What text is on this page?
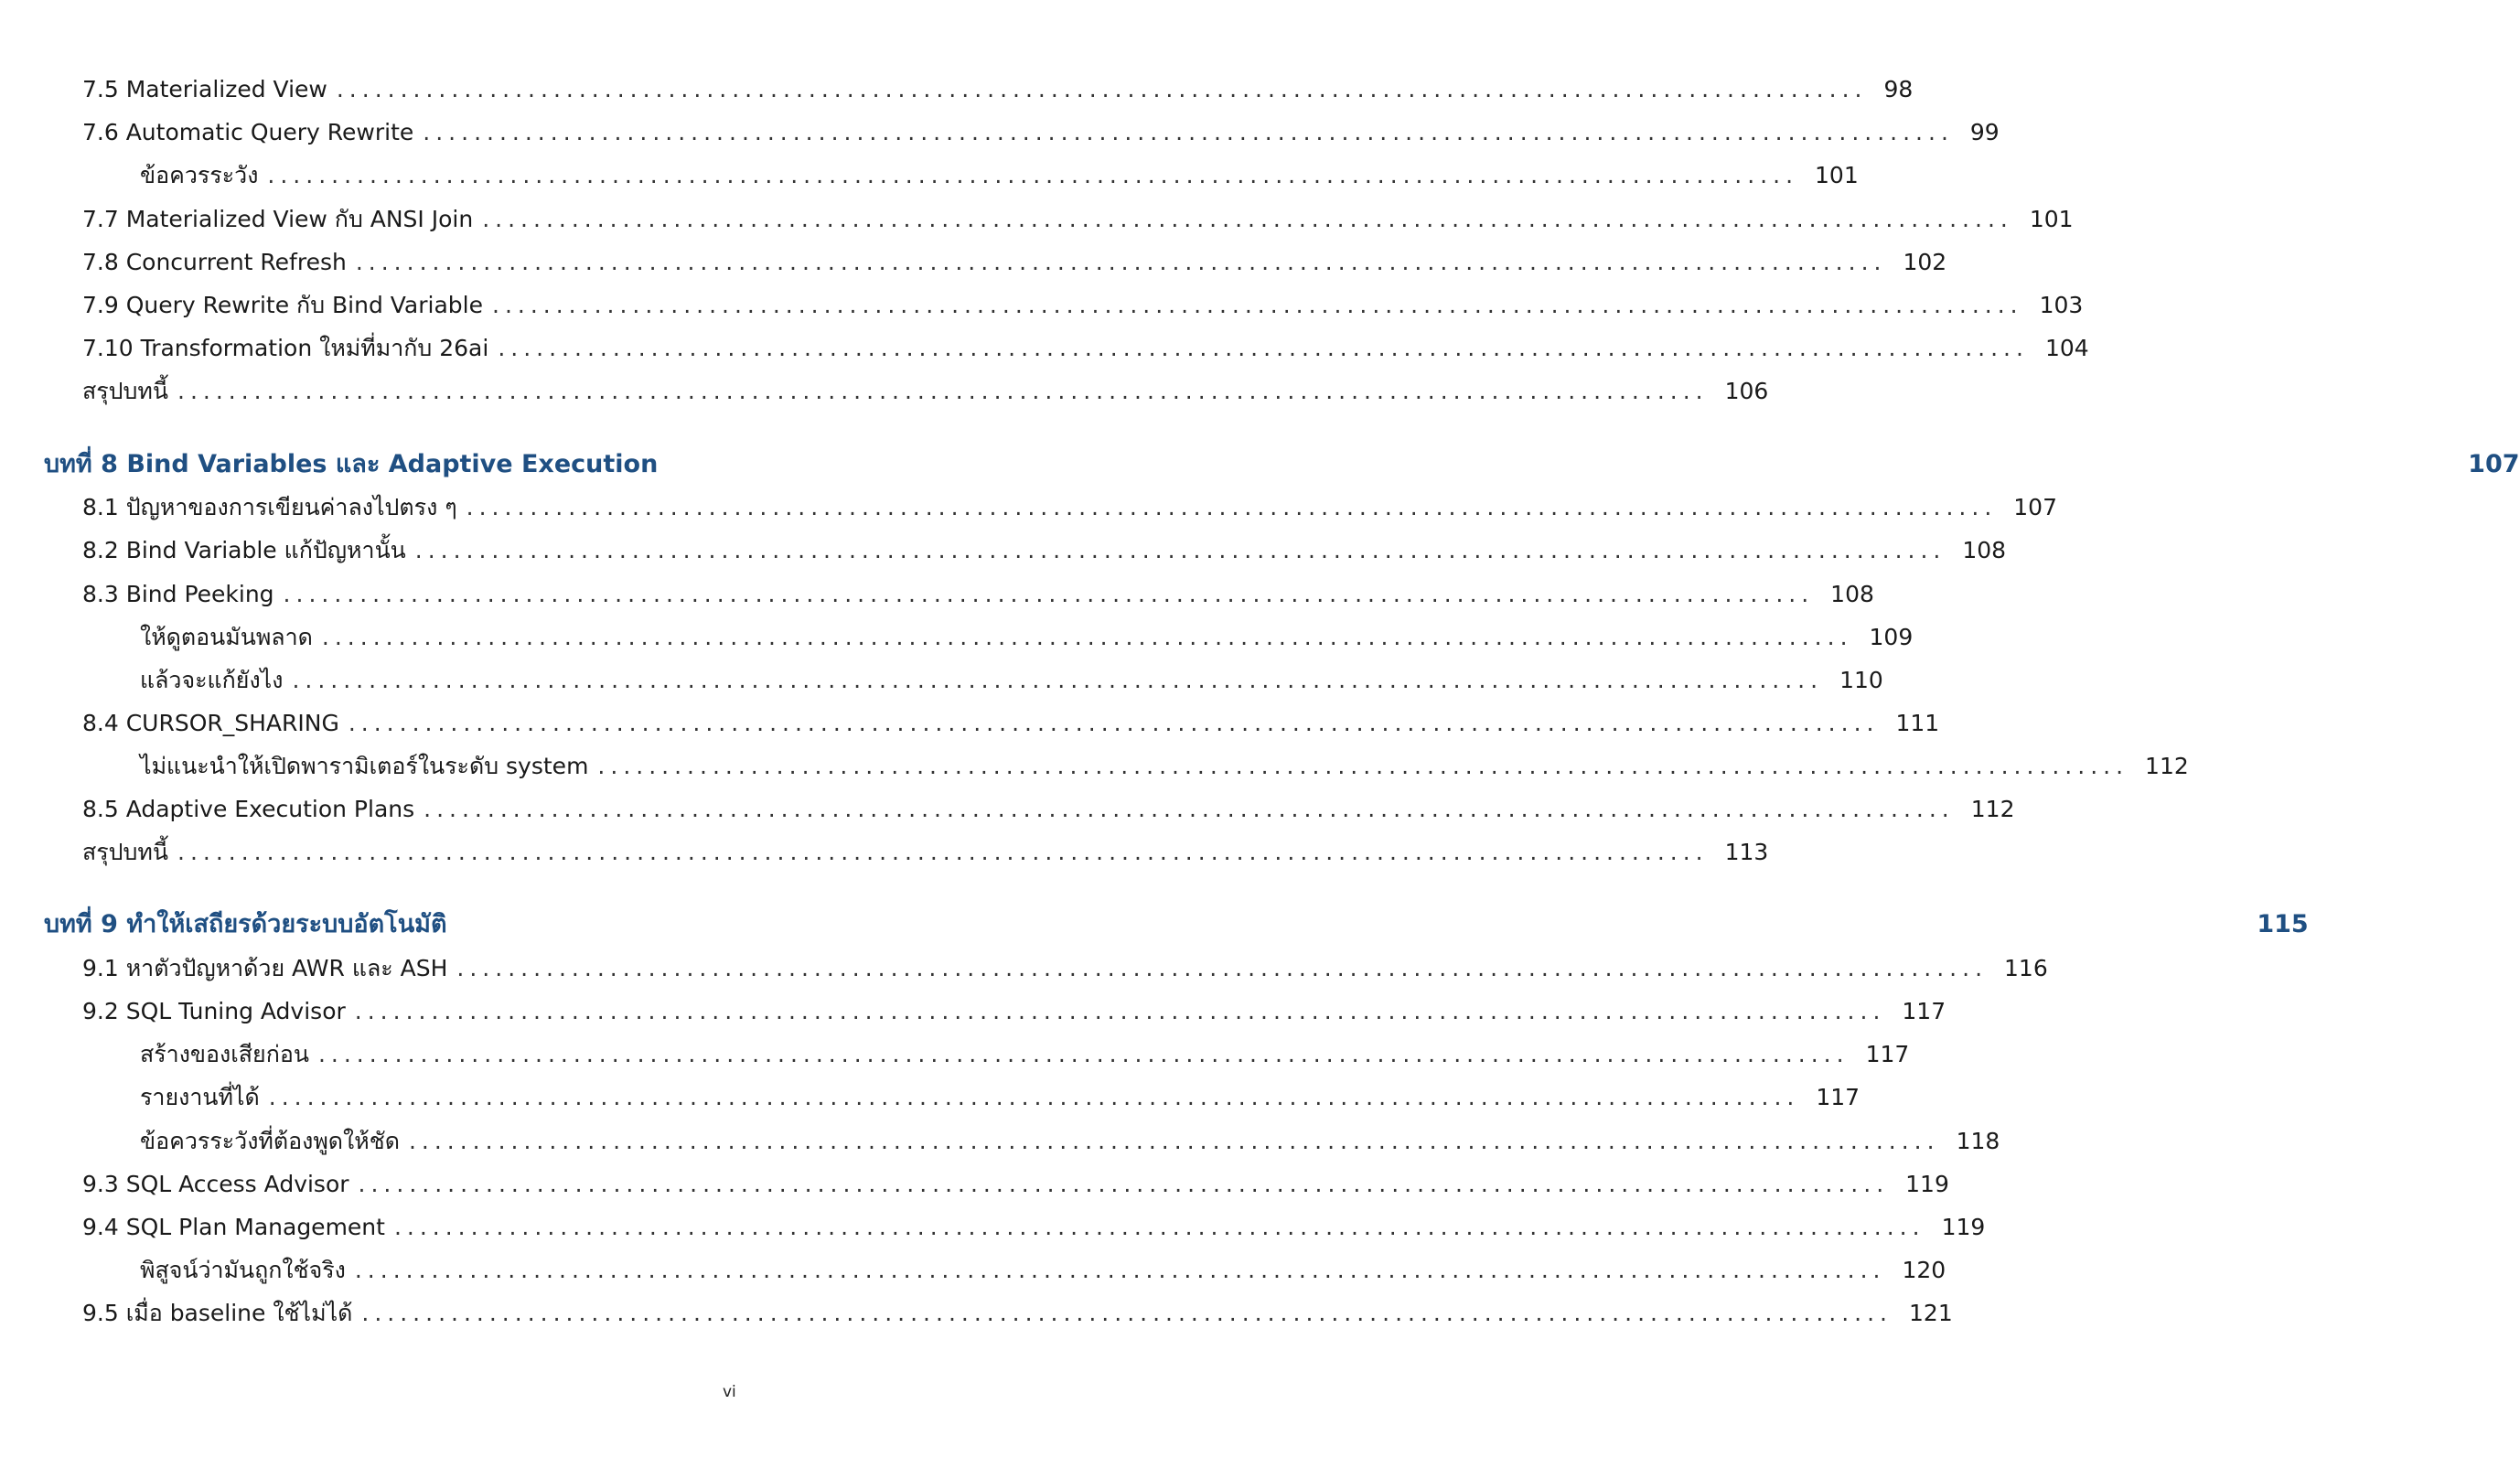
7.5 Materialized View ........................................................................................................................ 98
7.6 Automatic Query Rewrite ........................................................................................................................ 99
ข้อควรระวัง ........................................................................................................................ 101
7.7 Materialized View กับ ANSI Join ........................................................................................................................ 101
7.8 Concurrent Refresh ........................................................................................................................ 102
7.9 Query Rewrite กับ Bind Variable ........................................................................................................................ 103
7.10 Transformation ใหม่ที่มากับ 26ai ........................................................................................................................ 104
สรุปบทนี้ ........................................................................................................................ 106
บทที่ 8 Bind Variables และ Adaptive Execution	107
8.1 ปัญหาของการเขียนค่าลงไปตรง ๆ ........................................................................................................................ 107
8.2 Bind Variable แก้ปัญหานั้น ........................................................................................................................ 108
8.3 Bind Peeking ........................................................................................................................ 108
ให้ดูตอนมันพลาด ........................................................................................................................ 109
แล้วจะแก้ยังไง ........................................................................................................................ 110
8.4 CURSOR_SHARING ........................................................................................................................ 111
ไม่แนะนำให้เปิดพารามิเตอร์ในระดับ system ........................................................................................................................ 112
8.5 Adaptive Execution Plans ........................................................................................................................ 112
สรุปบทนี้ ........................................................................................................................ 113
บทที่ 9 ทำให้เสถียรด้วยระบบอัตโนมัติ	115
9.1 หาตัวปัญหาด้วย AWR และ ASH ........................................................................................................................ 116
9.2 SQL Tuning Advisor ........................................................................................................................ 117
สร้างของเสียก่อน ........................................................................................................................ 117
รายงานที่ได้ ........................................................................................................................ 117
ข้อควรระวังที่ต้องพูดให้ชัด ........................................................................................................................ 118
9.3 SQL Access Advisor ........................................................................................................................ 119
9.4 SQL Plan Management ........................................................................................................................ 119
พิสูจน์ว่ามันถูกใช้จริง ........................................................................................................................ 120
9.5 เมื่อ baseline ใช้ไม่ได้ ........................................................................................................................ 121
vi
